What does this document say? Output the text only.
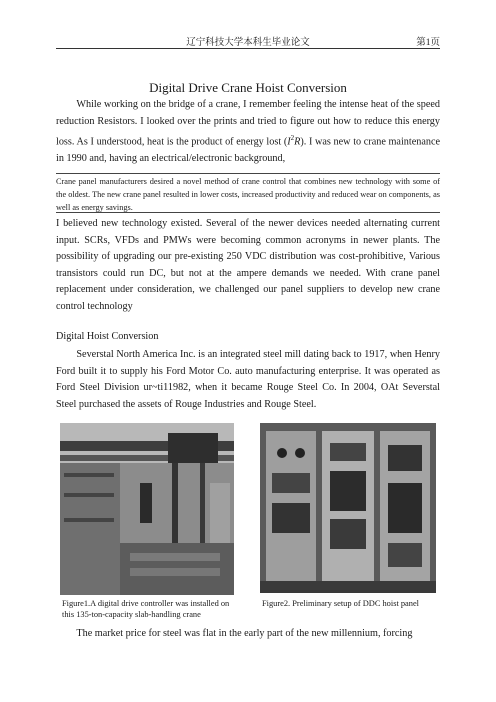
辽宁科技大学本科生毕业论文	第1页
Digital Drive Crane Hoist Conversion
While working on the bridge of a crane, I remember feeling the intense heat of the speed reduction Resistors. I looked over the prints and tried to figure out how to reduce this energy loss. As I understood, heat is the product of energy lost $(I^2R)$. I was new to crane maintenance in 1990 and, having an electrical/electronic background,
Crane panel manufacturers desired a novel method of crane control that combines new technology with some of the oldest. The new crane panel resulted in lower costs, increased productivity and reduced wear on components, as well as energy savings.
I believed new technology existed. Several of the newer devices needed alternating current input. SCRs, VFDs and PMWs were becoming common acronyms in newer plants. The possibility of upgrading our pre-existing 250 VDC distribution was cost-prohibitive, Various transistors could run DC, but not at the ampere demands we needed. With crane panel replacement under consideration, we challenged our panel suppliers to develop new crane control technology
Digital Hoist Conversion
Severstal North America Inc. is an integrated steel mill dating back to 1917, when Henry Ford built it to supply his Ford Motor Co. auto manufacturing enterprise. It was operated as Ford Steel Division ur~ti11982, when it became Rouge Steel Co. In 2004, OAt Severstal Steel purchased the assets of Rouge Industries and Rouge Steel.
Figure1.A digital drive controller was installed on this 135-ton-capacity slab-handling crane
Figure2. Preliminary setup of DDC hoist panel
The market price for steel was flat in the early part of the new millennium, forcing
